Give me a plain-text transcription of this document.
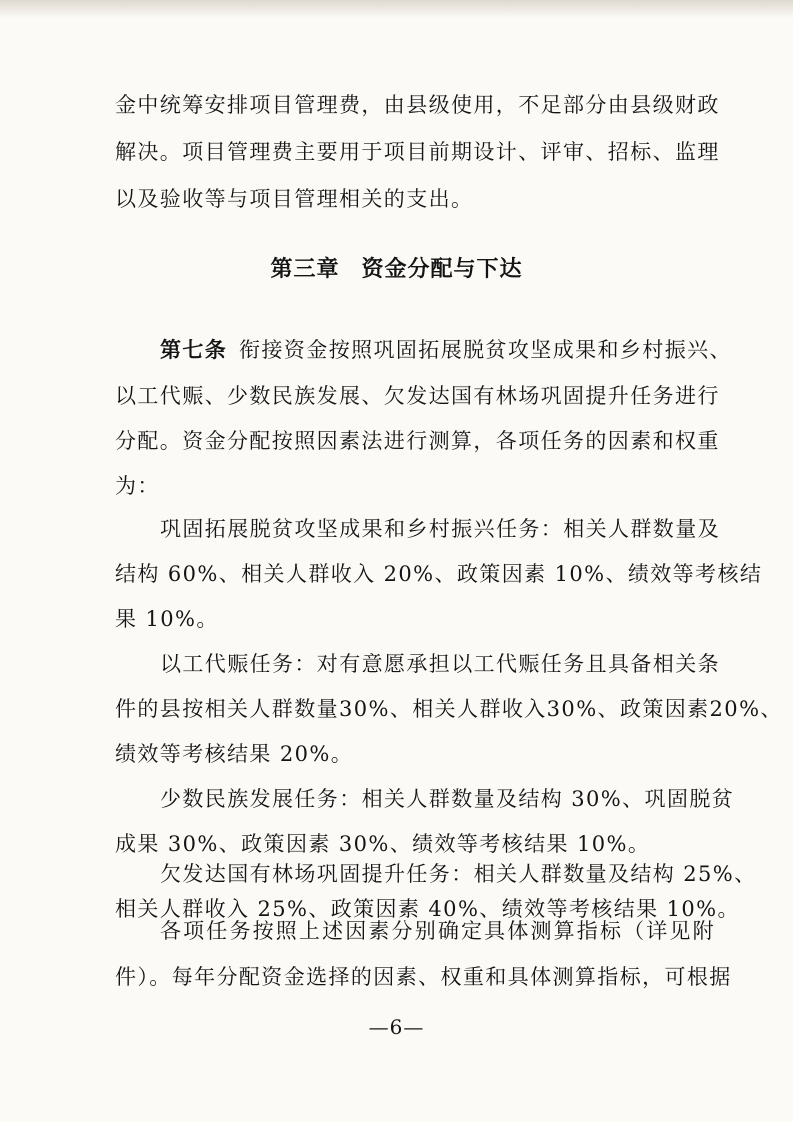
金中统筹安排项目管理费，由县级使用，不足部分由县级财政
解决。项目管理费主要用于项目前期设计、评审、招标、监理
以及验收等与项目管理相关的支出。
第三章 资金分配与下达
第七条  衔接资金按照巩固拓展脱贫攻坚成果和乡村振兴、
以工代赈、少数民族发展、欠发达国有林场巩固提升任务进行
分配。资金分配按照因素法进行测算，各项任务的因素和权重
为：
巩固拓展脱贫攻坚成果和乡村振兴任务：相关人群数量及
结构 60%、相关人群收入 20%、政策因素 10%、绩效等考核结
果 10%。
以工代赈任务：对有意愿承担以工代赈任务且具备相关条
件的县按相关人群数量30%、相关人群收入30%、政策因素20%、
绩效等考核结果 20%。
少数民族发展任务：相关人群数量及结构 30%、巩固脱贫
成果 30%、政策因素 30%、绩效等考核结果 10%。
欠发达国有林场巩固提升任务：相关人群数量及结构 25%、
相关人群收入 25%、政策因素 40%、绩效等考核结果 10%。
各项任务按照上述因素分别确定具体测算指标（详见附
件）。每年分配资金选择的因素、权重和具体测算指标，可根据
—6—
